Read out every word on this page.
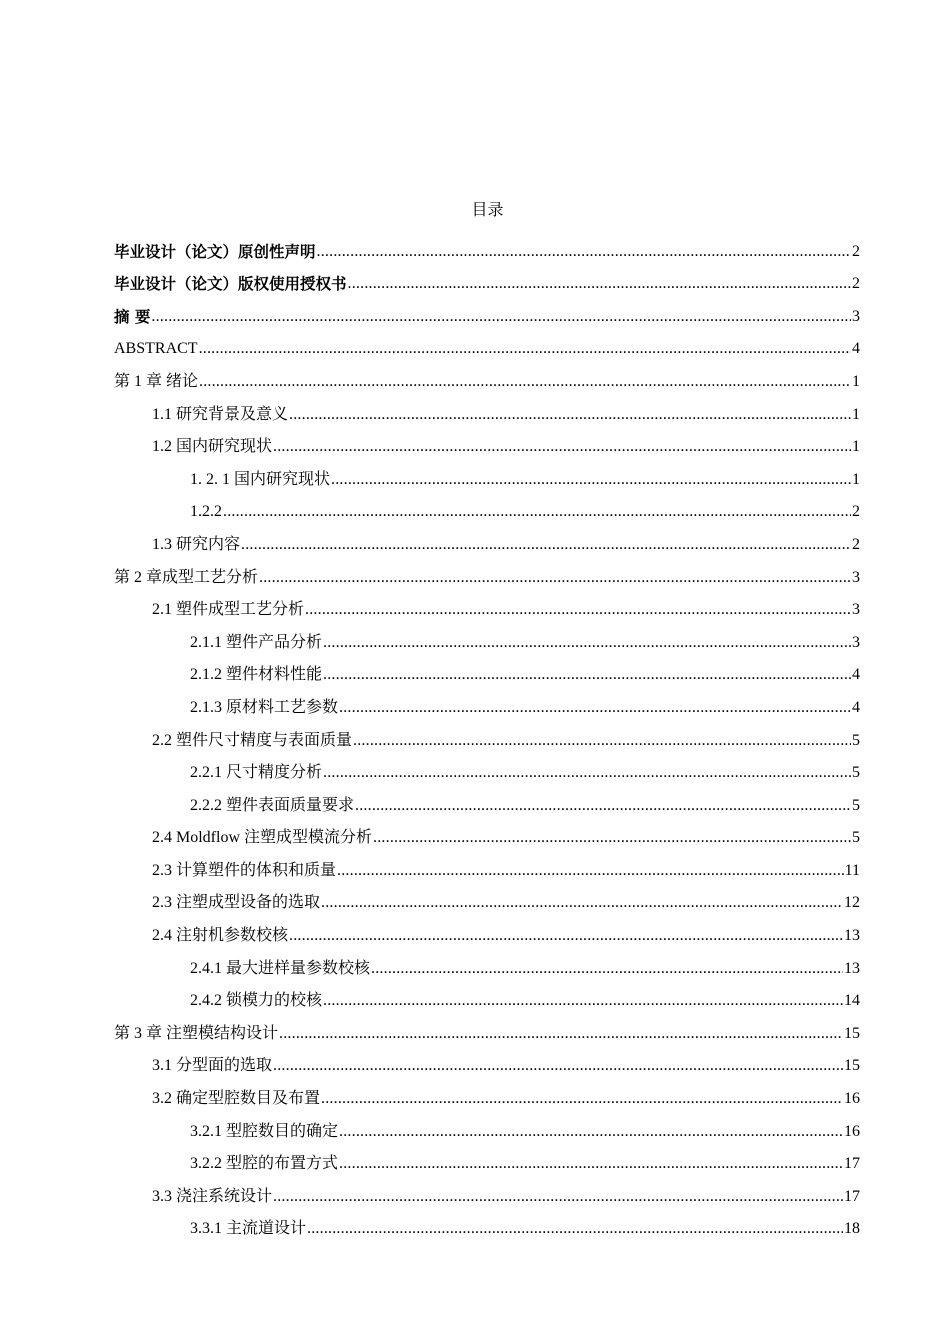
目录
毕业设计（论文）原创性声明 .....	2
毕业设计（论文）版权使用授权书 .....	2
摘 要 .....	3
ABSTRACT .....	4
第 1 章 绪论 .....	1
1.1 研究背景及意义 .....	1
1.2 国内研究现状 .....	1
1. 2. 1 国内研究现状 .....	1
1.2.2 .....	2
1.3 研究内容 .....	2
第 2 章成型工艺分析 .....	3
2.1 塑件成型工艺分析 .....	3
2.1.1 塑件产品分析 .....	3
2.1.2 塑件材料性能 .....	4
2.1.3 原材料工艺参数 .....	4
2.2 塑件尺寸精度与表面质量 .....	5
2.2.1 尺寸精度分析 .....	5
2.2.2 塑件表面质量要求 .....	5
2.4 Moldflow 注塑成型模流分析 .....	5
2.3 计算塑件的体积和质量 .....	11
2.3 注塑成型设备的选取 .....	12
2.4 注射机参数校核 .....	13
2.4.1 最大进样量参数校核 .....	13
2.4.2 锁模力的校核 .....	14
第 3 章 注塑模结构设计 .....	15
3.1 分型面的选取 .....	15
3.2 确定型腔数目及布置 .....	16
3.2.1 型腔数目的确定 .....	16
3.2.2 型腔的布置方式 .....	17
3.3 浇注系统设计 .....	17
3.3.1 主流道设计 .....	18
